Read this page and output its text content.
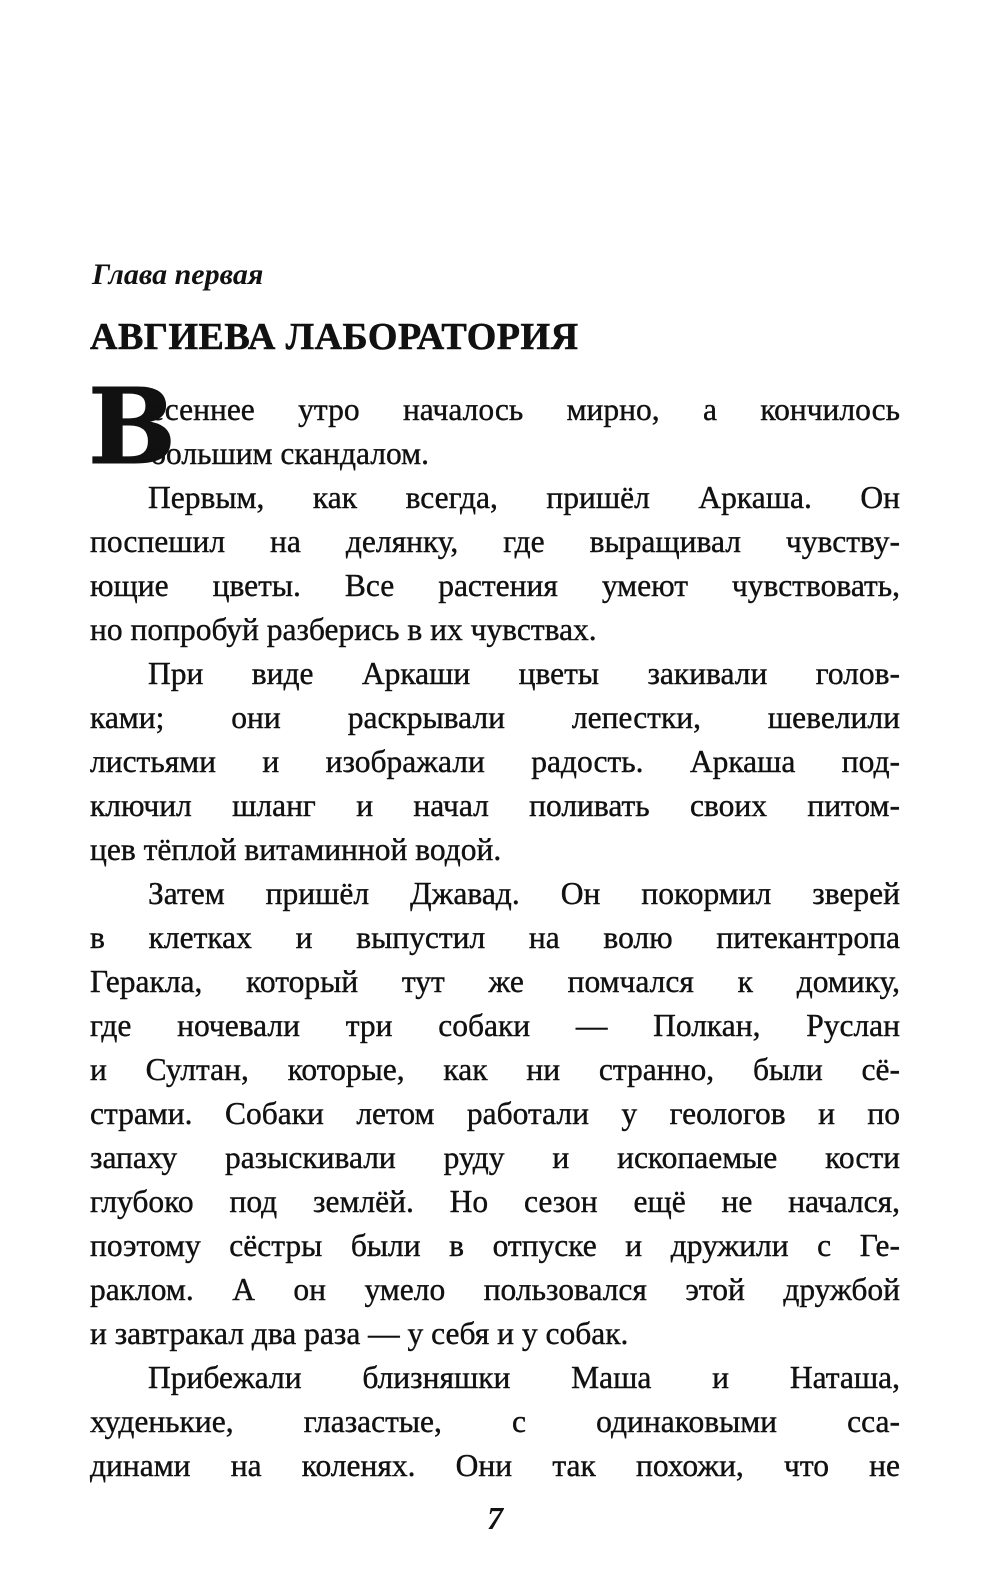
Глава первая
АВГИЕВА ЛАБОРАТОРИЯ
В
есеннее утро началось мирно, а кончилось
большим скандалом.
Первым, как всегда, пришёл Аркаша. Он
поспешил на делянку, где выращивал чувству-
ющие цветы. Все растения умеют чувствовать,
но попробуй разберись в их чувствах.
При виде Аркаши цветы закивали голов-
ками; они раскрывали лепестки, шевелили
листьями и изображали радость. Аркаша под-
ключил шланг и начал поливать своих питом-
цев тёплой витаминной водой.
Затем пришёл Джавад. Он покормил зверей
в клетках и выпустил на волю питекантропа
Геракла, который тут же помчался к домику,
где ночевали три собаки — Полкан, Руслан
и Султан, которые, как ни странно, были сё-
страми. Собаки летом работали у геологов и по
запаху разыскивали руду и ископаемые кости
глубоко под землёй. Но сезон ещё не начался,
поэтому сёстры были в отпуске и дружили с Ге-
раклом. А он умело пользовался этой дружбой
и завтракал два раза — у себя и у собак.
Прибежали близняшки Маша и Наташа,
худенькие, глазастые, с одинаковыми сса-
динами на коленях. Они так похожи, что не
7
